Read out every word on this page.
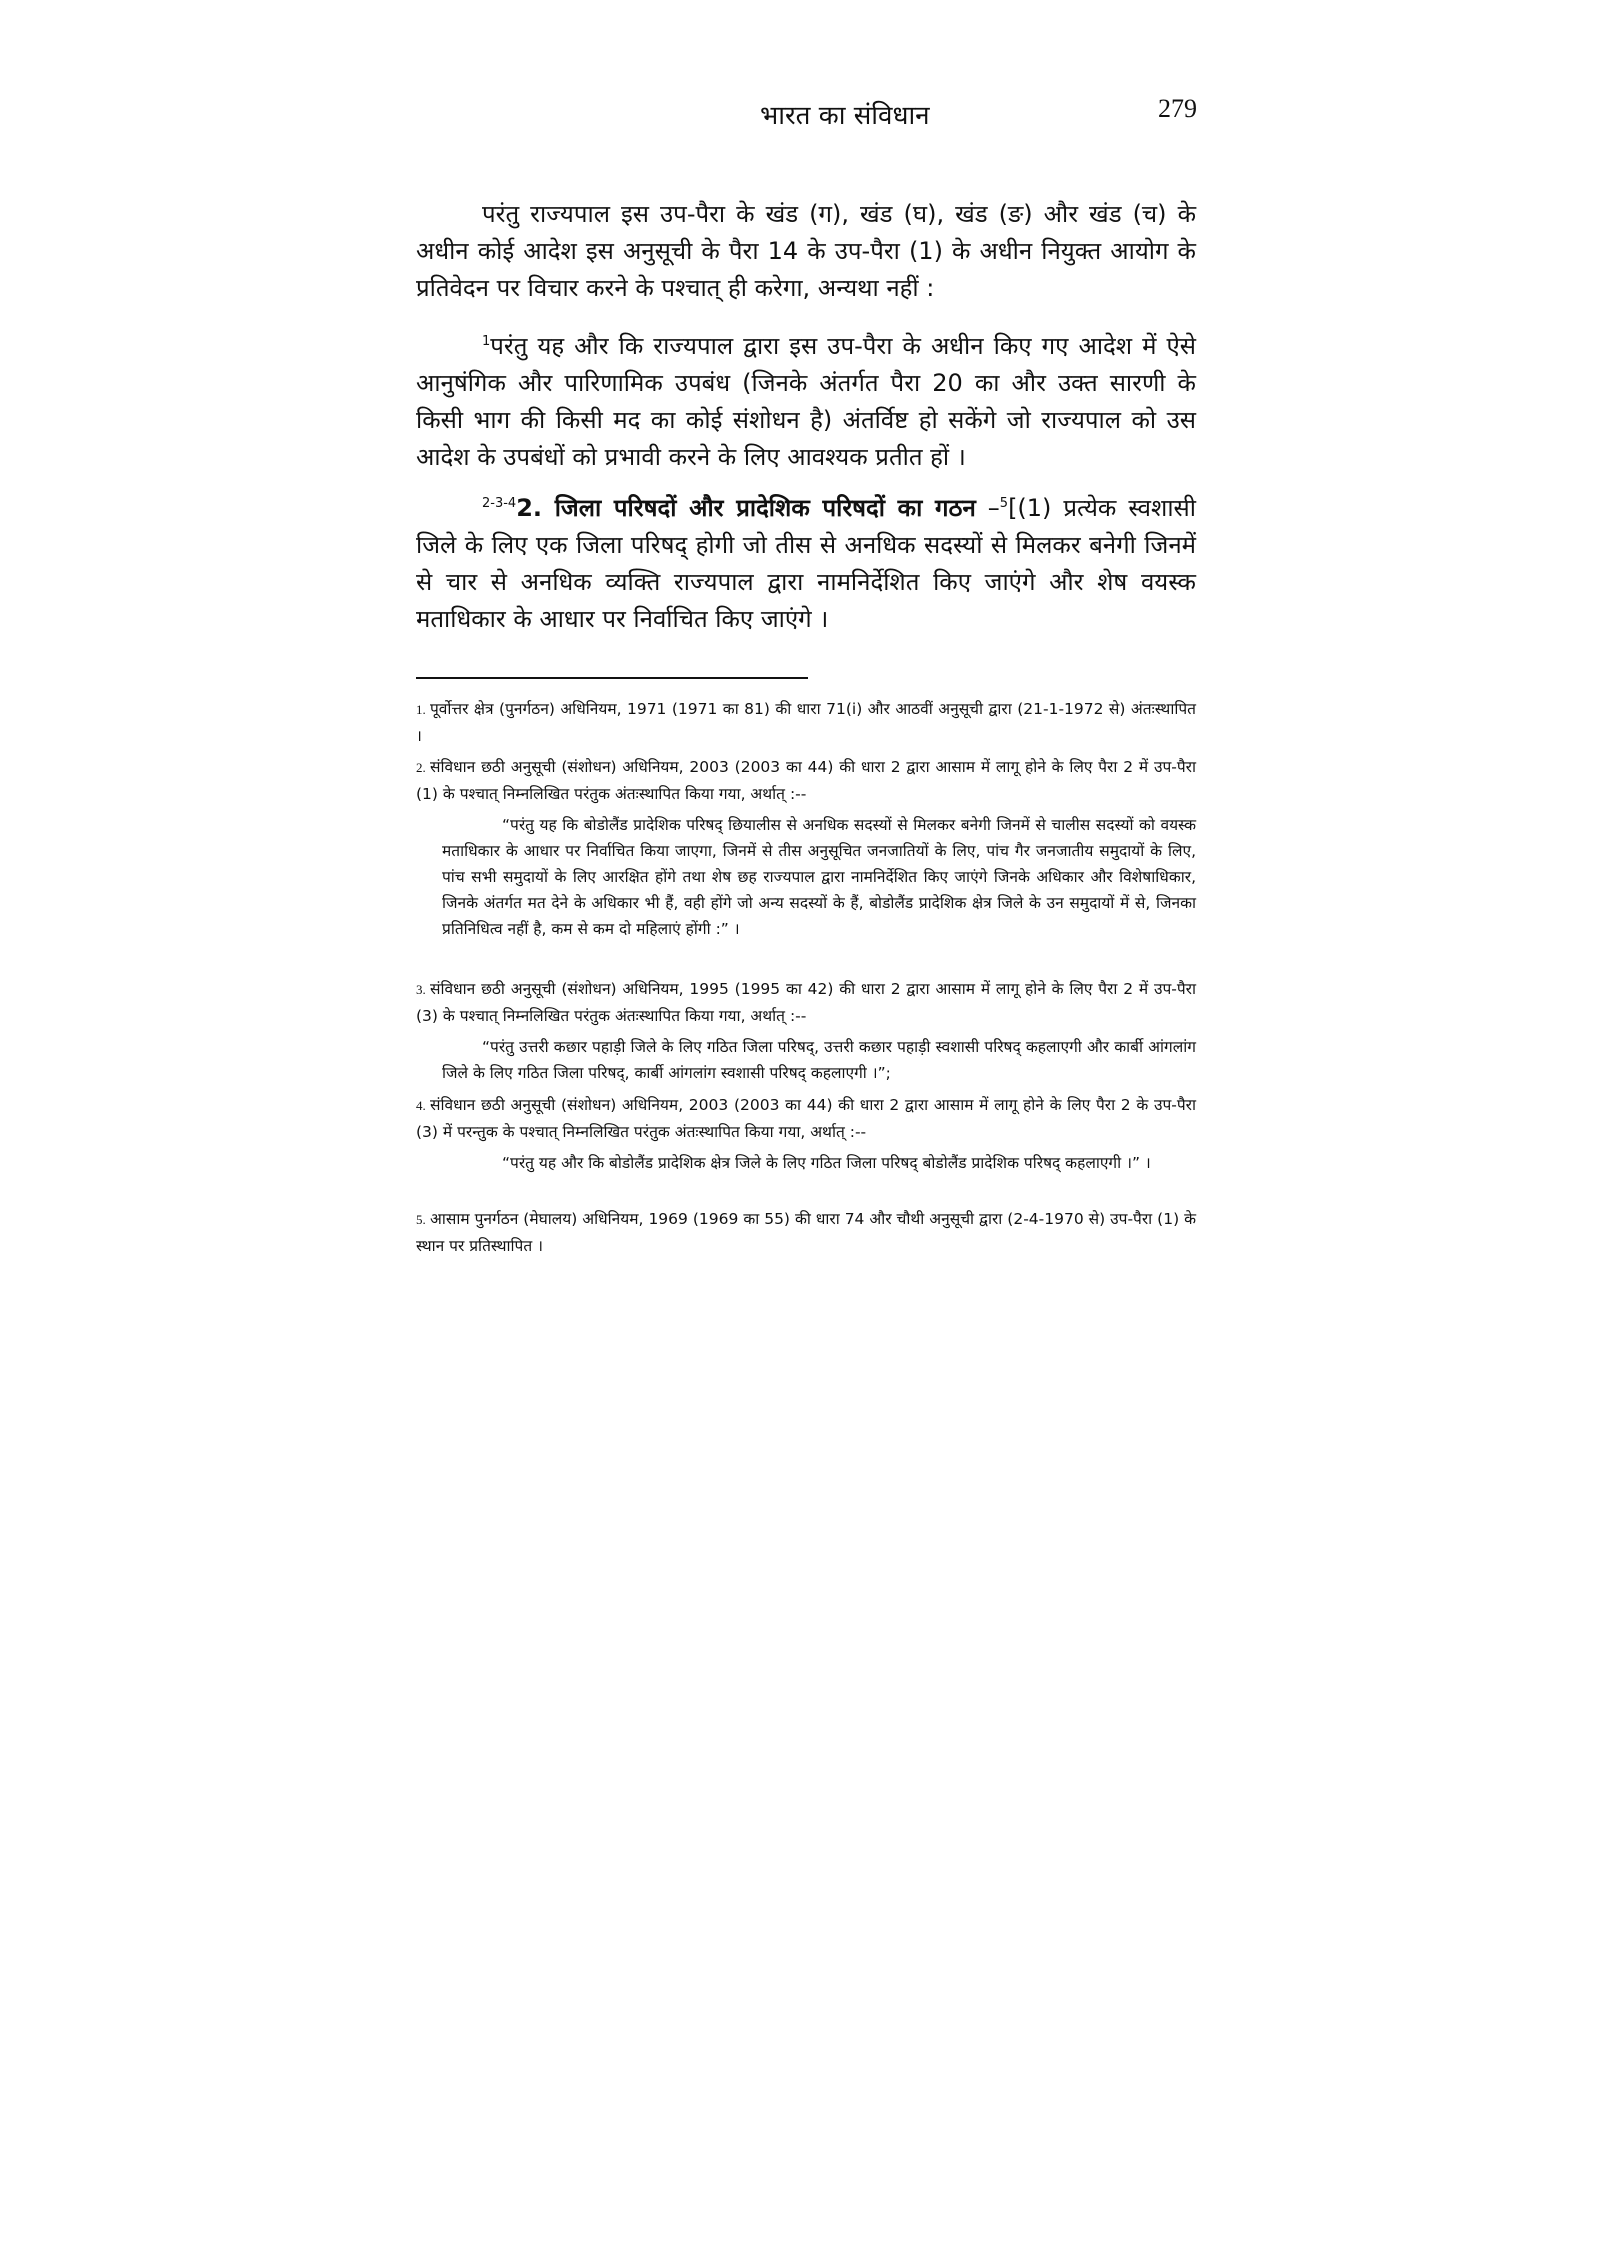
भारत का संविधान	279

परंतु राज्यपाल इस उप-पैरा के खंड (ग), खंड (घ), खंड (ङ) और खंड (च) के अधीन कोई आदेश इस अनुसूची के पैरा 14 के उप-पैरा (1) के अधीन नियुक्त आयोग के प्रतिवेदन पर विचार करने के पश्चात् ही करेगा, अन्यथा नहीं :

$^1$परंतु यह और कि राज्यपाल द्वारा इस उप-पैरा के अधीन किए गए आदेश में ऐसे आनुषंगिक और पारिणामिक उपबंध (जिनके अंतर्गत पैरा 20 का और उक्त सारणी के किसी भाग की किसी मद का कोई संशोधन है) अंतर्विष्ट हो सकेंगे जो राज्यपाल को उस आदेश के उपबंधों को प्रभावी करने के लिए आवश्यक प्रतीत हों ।

$^{2-3-4}$2. जिला परिषदों और प्रादेशिक परिषदों का गठन –$^5$[(1) प्रत्येक स्वशासी जिले के लिए एक जिला परिषद् होगी जो तीस से अनधिक सदस्यों से मिलकर बनेगी जिनमें से चार से अनधिक व्यक्ति राज्यपाल द्वारा नामनिर्देशित किए जाएंगे और शेष वयस्क मताधिकार के आधार पर निर्वाचित किए जाएंगे ।

1. पूर्वोत्तर क्षेत्र (पुनर्गठन) अधिनियम, 1971 (1971 का 81) की धारा 71(i) और आठवीं अनुसूची द्वारा (21-1-1972 से) अंतःस्थापित ।

2. संविधान छठी अनुसूची (संशोधन) अधिनियम, 2003 (2003 का 44) की धारा 2 द्वारा आसाम में लागू होने के लिए पैरा 2 में उप-पैरा (1) के पश्चात् निम्नलिखित परंतुक अंतःस्थापित किया गया, अर्थात् :--

“परंतु यह कि बोडोलैंड प्रादेशिक परिषद् छियालीस से अनधिक सदस्यों से मिलकर बनेगी जिनमें से चालीस सदस्यों को वयस्क मताधिकार के आधार पर निर्वाचित किया जाएगा, जिनमें से तीस अनुसूचित जनजातियों के लिए, पांच गैर जनजातीय समुदायों के लिए, पांच सभी समुदायों के लिए आरक्षित होंगे तथा शेष छह राज्यपाल द्वारा नामनिर्देशित किए जाएंगे जिनके अधिकार और विशेषाधिकार, जिनके अंतर्गत मत देने के अधिकार भी हैं, वही होंगे जो अन्य सदस्यों के हैं, बोडोलैंड प्रादेशिक क्षेत्र जिले के उन समुदायों में से, जिनका प्रतिनिधित्व नहीं है, कम से कम दो महिलाएं होंगी :” ।

3. संविधान छठी अनुसूची (संशोधन) अधिनियम, 1995 (1995 का 42) की धारा 2 द्वारा आसाम में लागू होने के लिए पैरा 2 में उप-पैरा (3) के पश्चात् निम्नलिखित परंतुक अंतःस्थापित किया गया, अर्थात् :--

“परंतु उत्तरी कछार पहाड़ी जिले के लिए गठित जिला परिषद्, उत्तरी कछार पहाड़ी स्वशासी परिषद् कहलाएगी और कार्बी आंगलांग जिले के लिए गठित जिला परिषद्, कार्बी आंगलांग स्वशासी परिषद् कहलाएगी ।”;

4. संविधान छठी अनुसूची (संशोधन) अधिनियम, 2003 (2003 का 44) की धारा 2 द्वारा आसाम में लागू होने के लिए पैरा 2 के उप-पैरा (3) में परन्तुक के पश्चात् निम्नलिखित परंतुक अंतःस्थापित किया गया, अर्थात् :--

“परंतु यह और कि बोडोलैंड प्रादेशिक क्षेत्र जिले के लिए गठित जिला परिषद् बोडोलैंड प्रादेशिक परिषद् कहलाएगी ।” ।

5. आसाम पुनर्गठन (मेघालय) अधिनियम, 1969 (1969 का 55) की धारा 74 और चौथी अनुसूची द्वारा (2-4-1970 से) उप-पैरा (1) के स्थान पर प्रतिस्थापित ।
